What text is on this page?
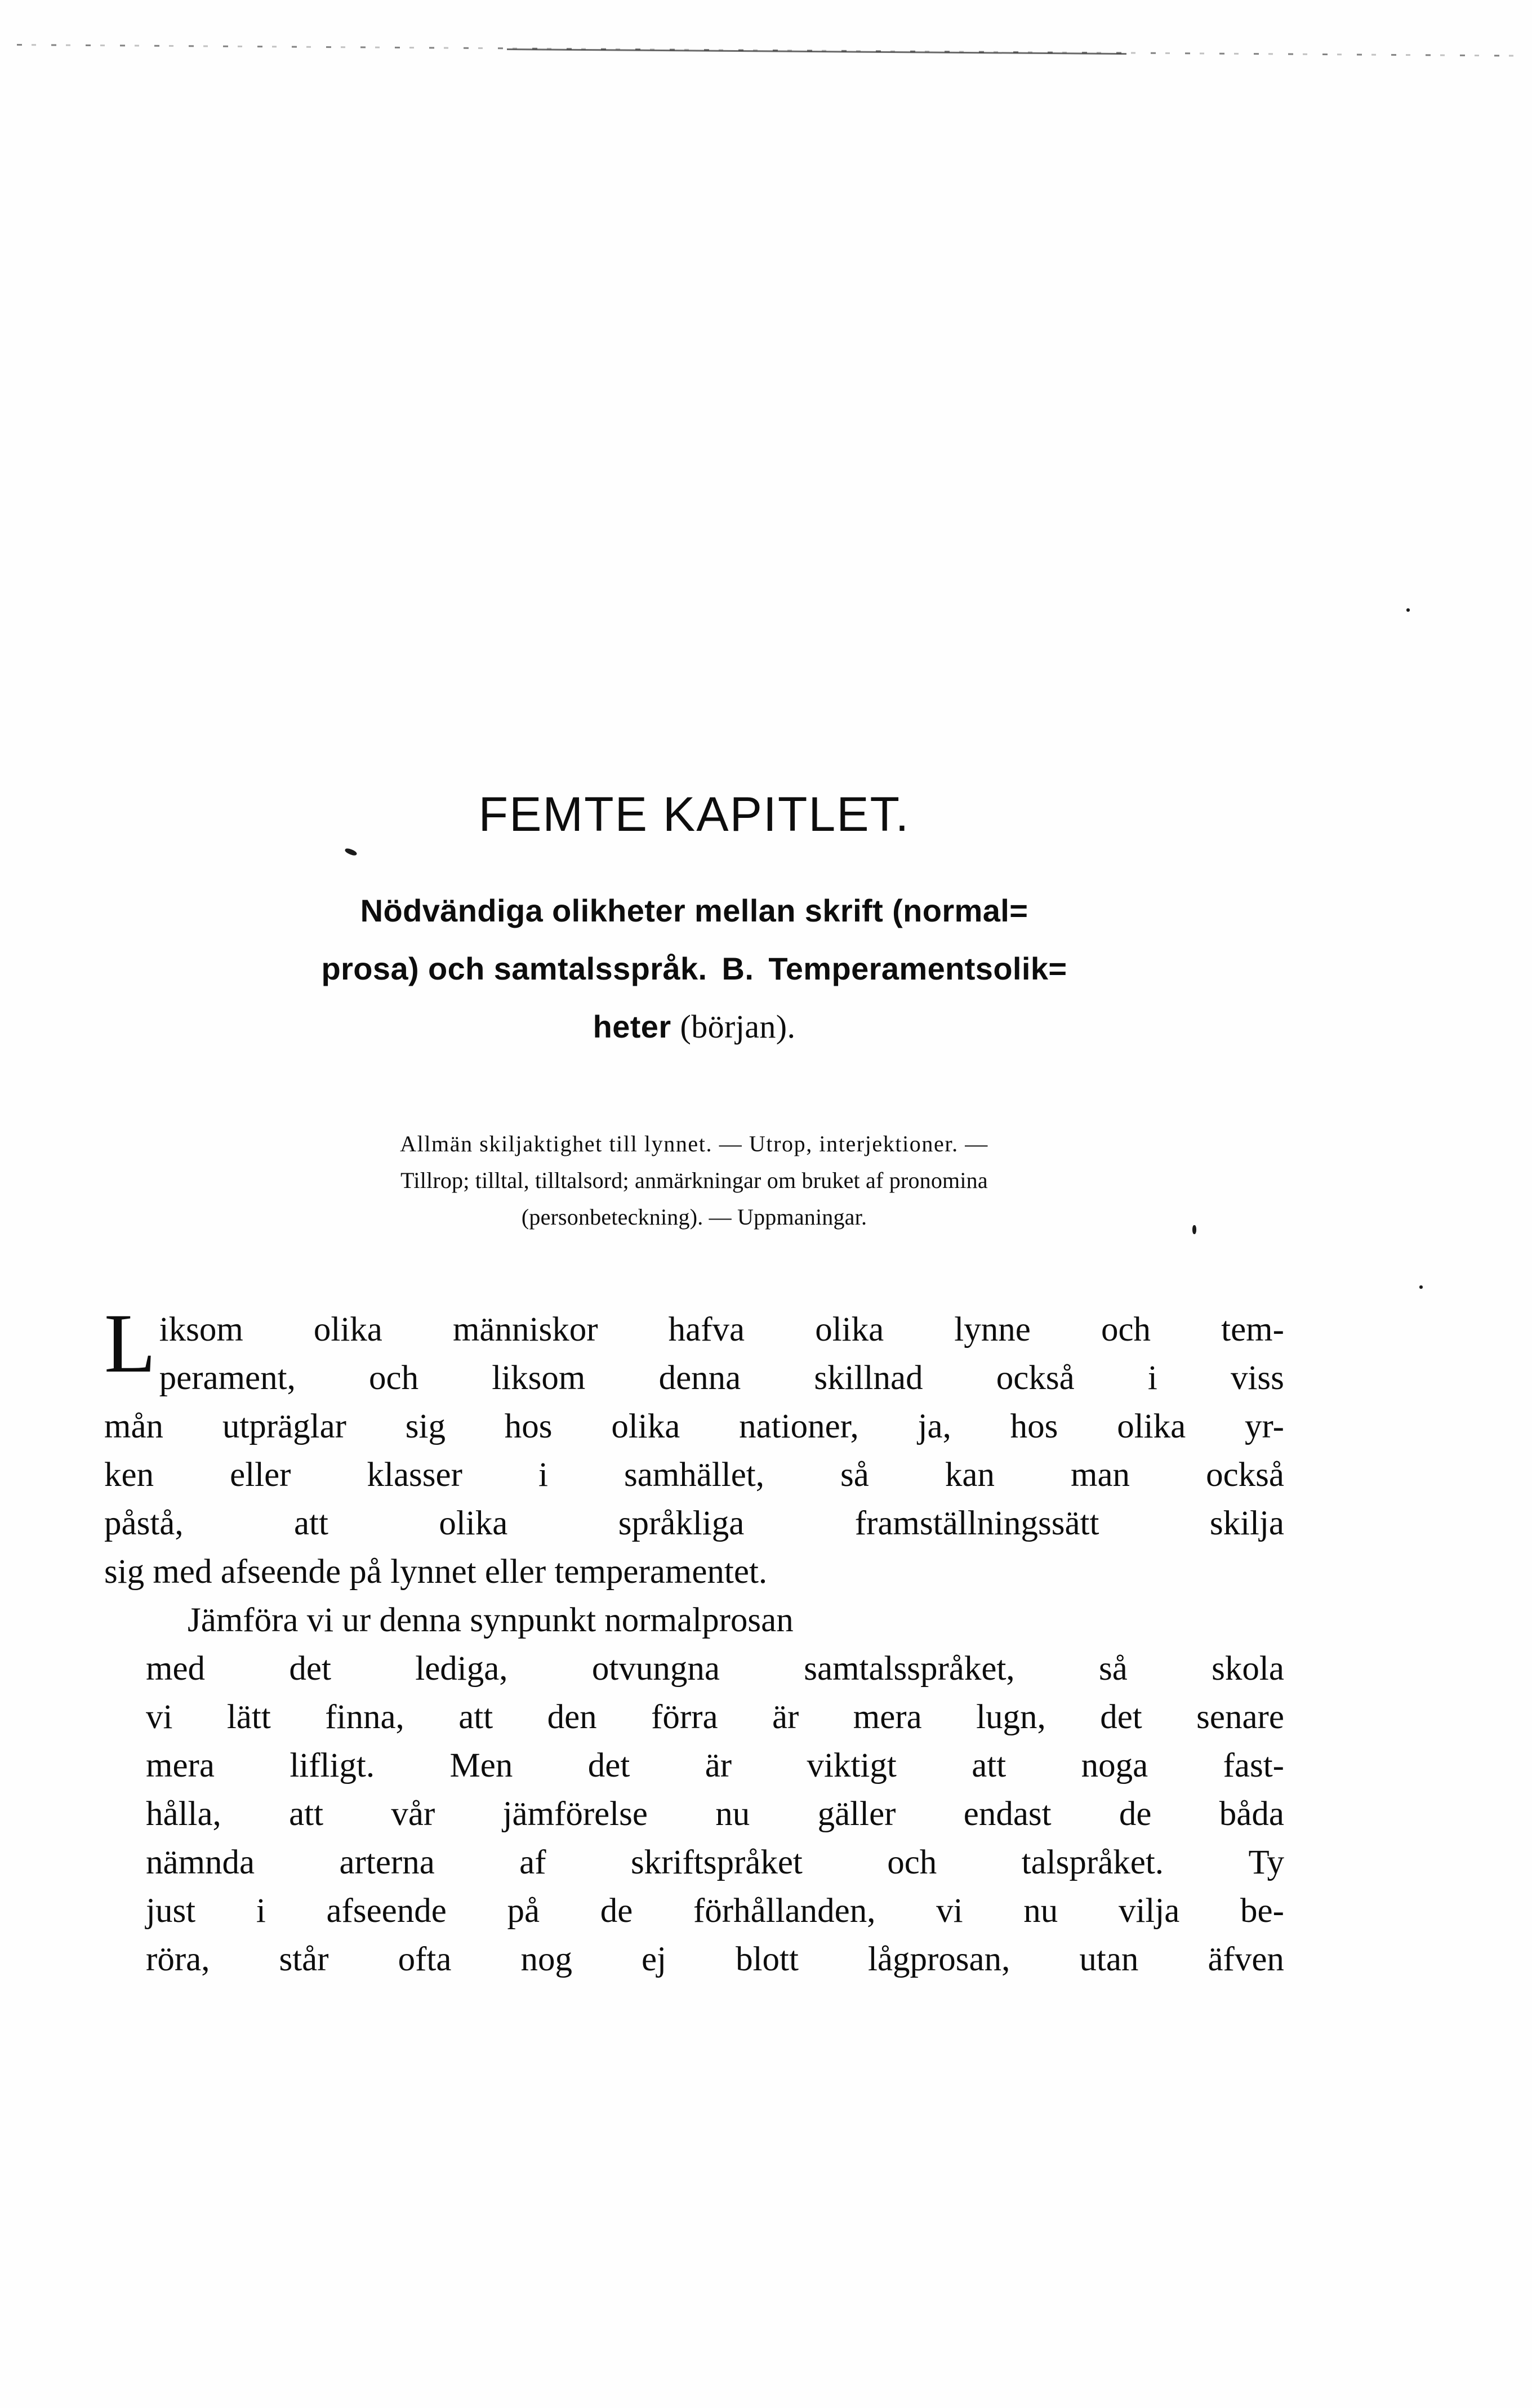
FEMTE KAPITLET.
Nödvändiga olikheter mellan skrift (normal=
prosa) och samtalsspråk. B. Temperamentsolik=
heter (början).
Allmän skiljaktighet till lynnet. — Utrop, interjektioner. —
Tillrop; tilltal, tilltalsord; anmärkningar om bruket af pronomina
(personbeteckning). — Uppmaningar.
L iksom olika människor hafva olika lynne och tem-
perament, och liksom denna skillnad också i viss
mån utpräglar sig hos olika nationer, ja, hos olika yr-
ken eller klasser i samhället, så kan man också
påstå,	att	olika	språkliga	framställningssätt	skilja
sig med afseende på lynnet eller temperamentet.
Jämföra vi ur denna synpunkt normalprosan
med	det	lediga,	otvungna	samtalsspråket,	så	skola
vi	lätt	finna,	att	den	förra	är	mera	lugn,	det	senare
mera	lifligt.	Men	det	är	viktigt	att	noga	fast-
hålla,	att	vår	jämförelse	nu	gäller	endast	de	båda
nämnda	arterna	af	skriftspråket	och	talspråket.	Ty
just	i	afseende	på	de	förhållanden,	vi	nu	vilja	be-
röra,	står	ofta	nog	ej	blott	lågprosan,	utan	äfven
